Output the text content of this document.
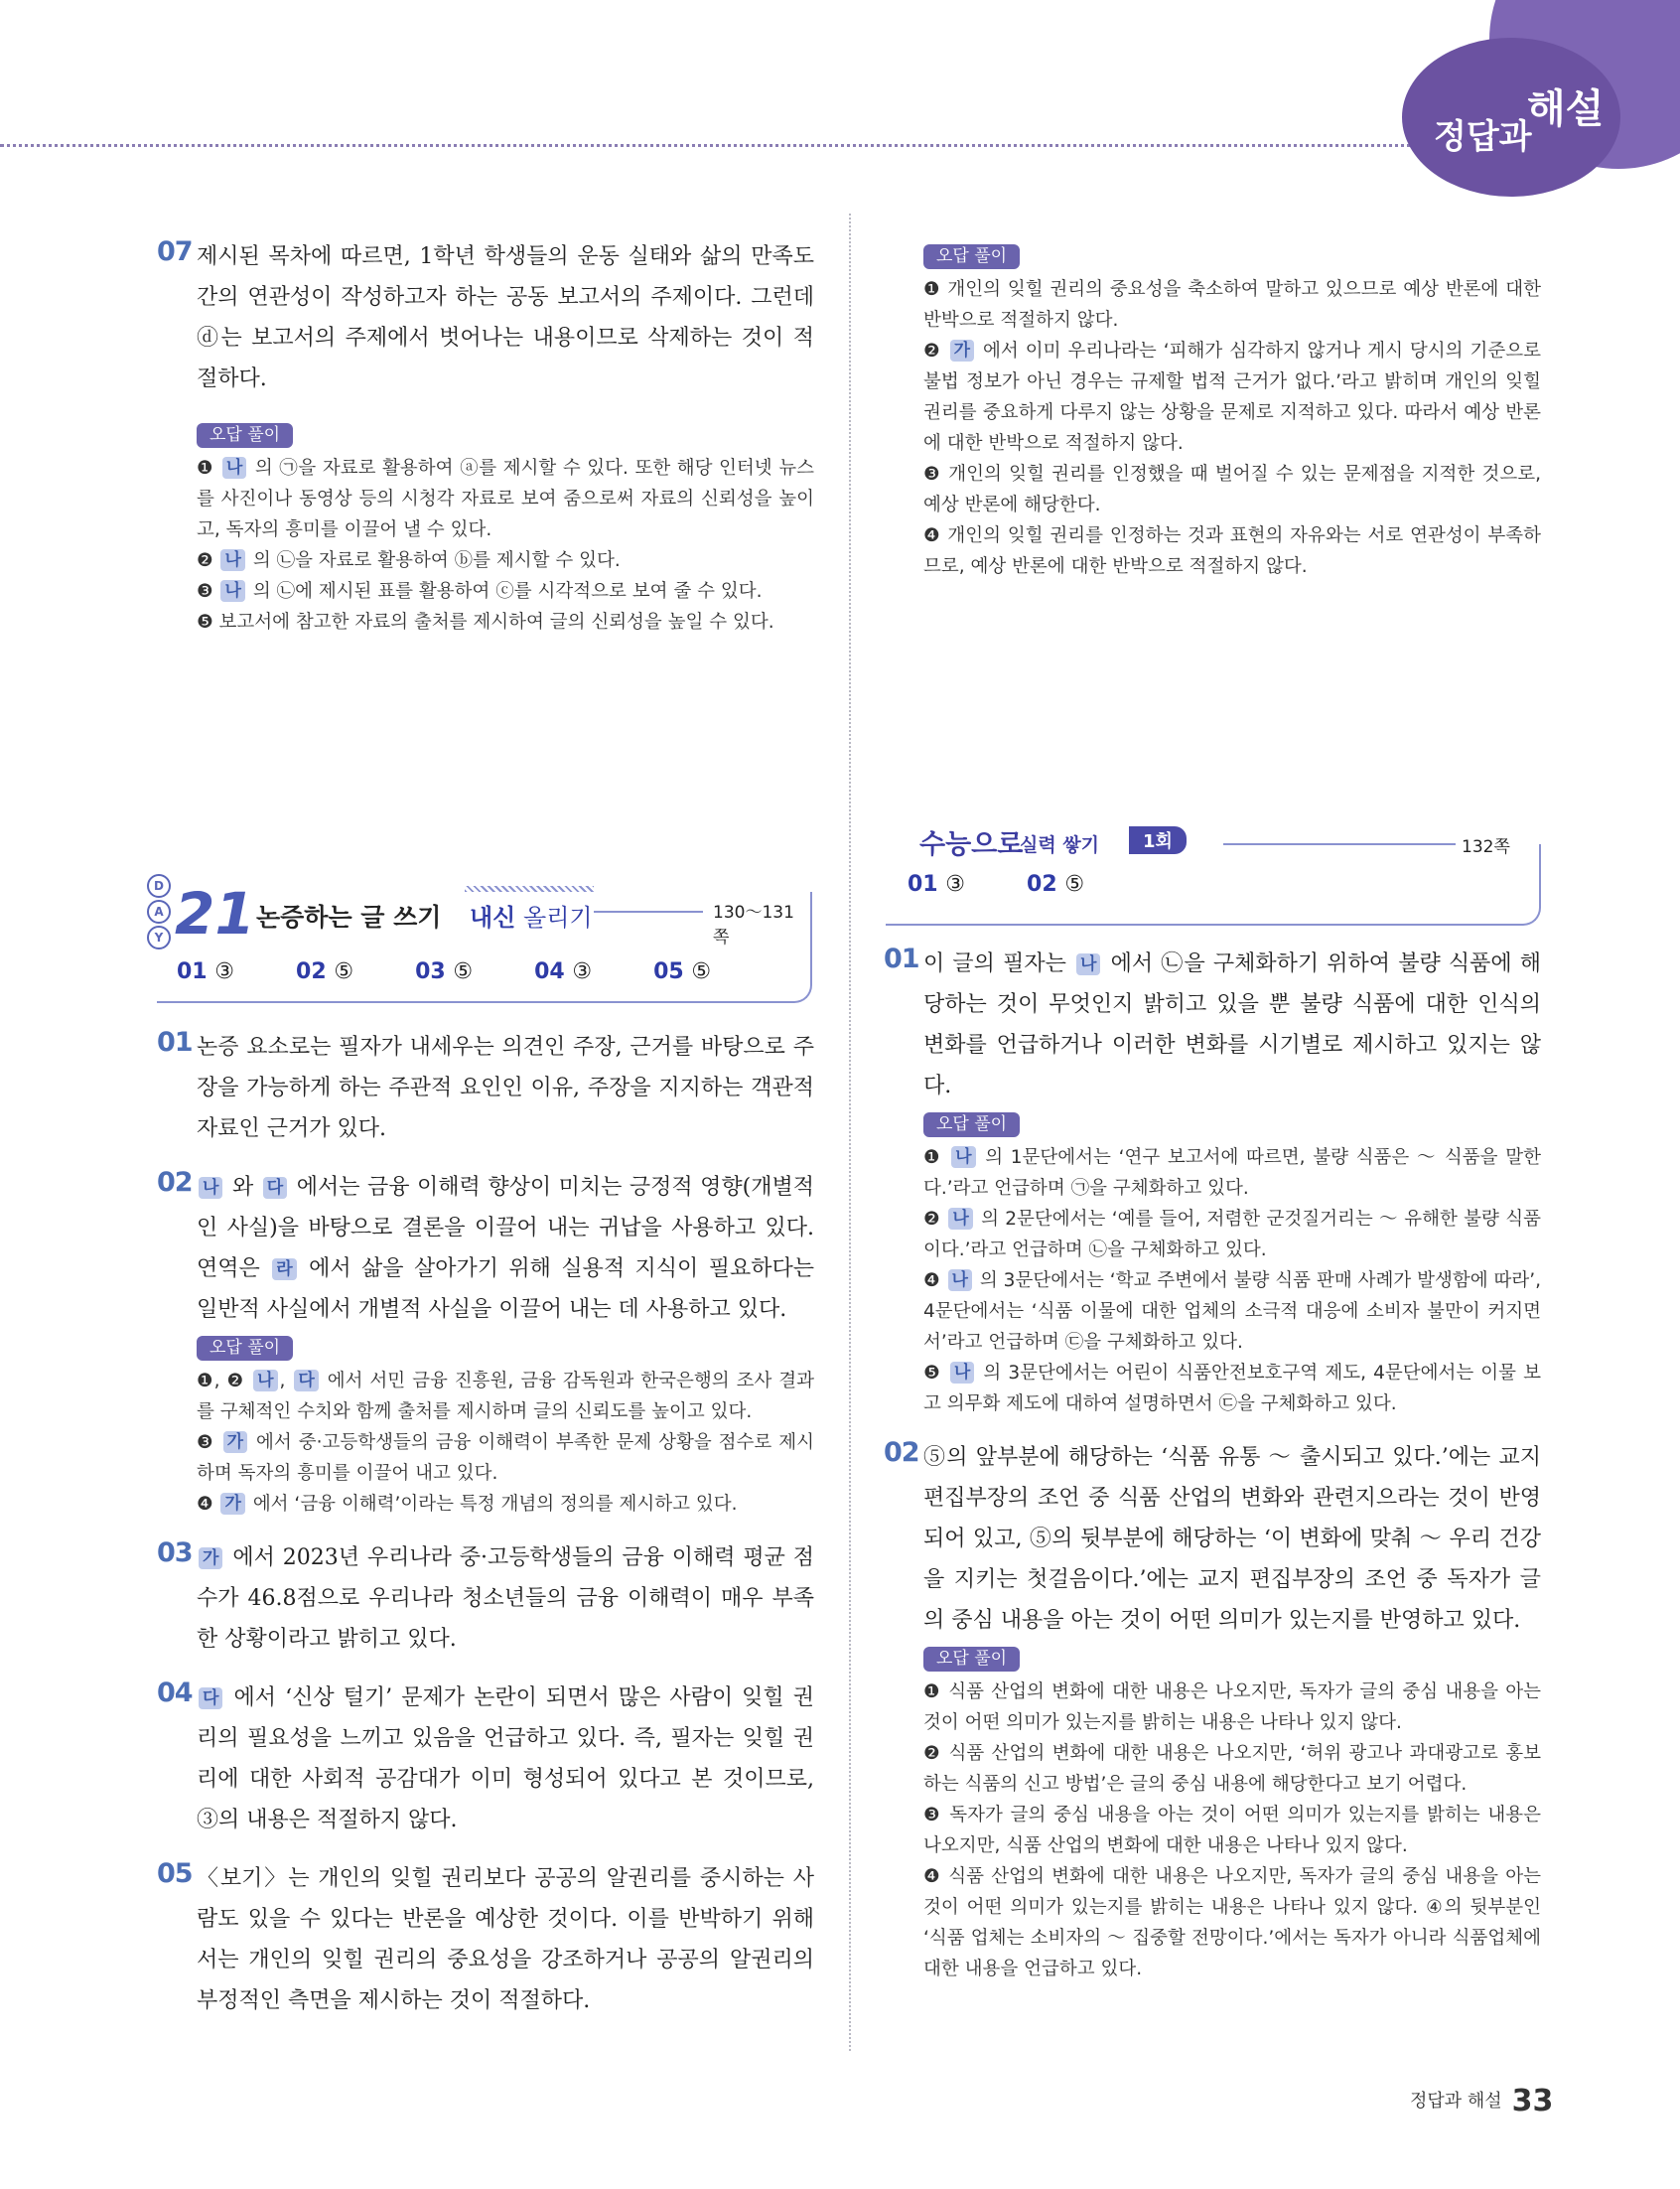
정답과
해설
07 제시된 목차에 따르면, 1학년 학생들의 운동 실태와 삶의 만족도 간의 연관성이 작성하고자 하는 공동 보고서의 주제이다. 그런데 ⓓ는 보고서의 주제에서 벗어나는 내용이므로 삭제하는 것이 적절하다.

오답 풀이

❶ 나 의 ㉠을 자료로 활용하여 ⓐ를 제시할 수 있다. 또한 해당 인터넷 뉴스를 사진이나 동영상 등의 시청각 자료로 보여 줌으로써 자료의 신뢰성을 높이고, 독자의 흥미를 이끌어 낼 수 있다.

❷ 나 의 ㉡을 자료로 활용하여 ⓑ를 제시할 수 있다.

❸ 나 의 ㉡에 제시된 표를 활용하여 ⓒ를 시각적으로 보여 줄 수 있다.

❺ 보고서에 참고한 자료의 출처를 제시하여 글의 신뢰성을 높일 수 있다.

오답 풀이

❶ 개인의 잊힐 권리의 중요성을 축소하여 말하고 있으므로 예상 반론에 대한 반박으로 적절하지 않다.

❷ 가 에서 이미 우리나라는 ‘피해가 심각하지 않거나 게시 당시의 기준으로 불법 정보가 아닌 경우는 규제할 법적 근거가 없다.’라고 밝히며 개인의 잊힐 권리를 중요하게 다루지 않는 상황을 문제로 지적하고 있다. 따라서 예상 반론에 대한 반박으로 적절하지 않다.

❸ 개인의 잊힐 권리를 인정했을 때 벌어질 수 있는 문제점을 지적한 것으로, 예상 반론에 해당한다.

❹ 개인의 잊힐 권리를 인정하는 것과 표현의 자유와는 서로 연관성이 부족하므로, 예상 반론에 대한 반박으로 적절하지 않다.

D
A
Y 21 논증하는 글 쓰기 내신 올리기	130～131쪽
01 ③	02 ⑤	03 ⑤	04 ③	05 ⑤
01 논증 요소로는 필자가 내세우는 의견인 주장, 근거를 바탕으로 주장을 가능하게 하는 주관적 요인인 이유, 주장을 지지하는 객관적 자료인 근거가 있다.

02 나 와 다 에서는 금융 이해력 향상이 미치는 긍정적 영향(개별적인 사실)을 바탕으로 결론을 이끌어 내는 귀납을 사용하고 있다. 연역은 라 에서 삶을 살아가기 위해 실용적 지식이 필요하다는 일반적 사실에서 개별적 사실을 이끌어 내는 데 사용하고 있다.

오답 풀이

❶, ❷ 나 , 다 에서 서민 금융 진흥원, 금융 감독원과 한국은행의 조사 결과를 구체적인 수치와 함께 출처를 제시하며 글의 신뢰도를 높이고 있다.

❸ 가 에서 중·고등학생들의 금융 이해력이 부족한 문제 상황을 점수로 제시하며 독자의 흥미를 이끌어 내고 있다.

❹ 가 에서 ‘금융 이해력’이라는 특정 개념의 정의를 제시하고 있다.

03 가 에서 2023년 우리나라 중·고등학생들의 금융 이해력 평균 점수가 46.8점으로 우리나라 청소년들의 금융 이해력이 매우 부족한 상황이라고 밝히고 있다.

04 다 에서 ‘신상 털기’ 문제가 논란이 되면서 많은 사람이 잊힐 권리의 필요성을 느끼고 있음을 언급하고 있다. 즉, 필자는 잊힐 권리에 대한 사회적 공감대가 이미 형성되어 있다고 본 것이므로, ③의 내용은 적절하지 않다.

05 〈보기〉는 개인의 잊힐 권리보다 공공의 알권리를 중시하는 사람도 있을 수 있다는 반론을 예상한 것이다. 이를 반박하기 위해서는 개인의 잊힐 권리의 중요성을 강조하거나 공공의 알권리의 부정적인 측면을 제시하는 것이 적절하다.

수능으로
실력 쌓기	1회	132쪽
01 ③	02 ⑤
01 이 글의 필자는 나 에서 ㉡을 구체화하기 위하여 불량 식품에 해당하는 것이 무엇인지 밝히고 있을 뿐 불량 식품에 대한 인식의 변화를 언급하거나 이러한 변화를 시기별로 제시하고 있지는 않다.

오답 풀이

❶ 나 의 1문단에서는 ‘연구 보고서에 따르면, 불량 식품은 ～ 식품을 말한다.’라고 언급하며 ㉠을 구체화하고 있다.

❷ 나 의 2문단에서는 ‘예를 들어, 저렴한 군것질거리는 ～ 유해한 불량 식품이다.’라고 언급하며 ㉡을 구체화하고 있다.

❹ 나 의 3문단에서는 ‘학교 주변에서 불량 식품 판매 사례가 발생함에 따라’, 4문단에서는 ‘식품 이물에 대한 업체의 소극적 대응에 소비자 불만이 커지면서’라고 언급하며 ㉢을 구체화하고 있다.

❺ 나 의 3문단에서는 어린이 식품안전보호구역 제도, 4문단에서는 이물 보고 의무화 제도에 대하여 설명하면서 ㉢을 구체화하고 있다.

02 ⑤의 앞부분에 해당하는 ‘식품 유통 ～ 출시되고 있다.’에는 교지 편집부장의 조언 중 식품 산업의 변화와 관련지으라는 것이 반영되어 있고, ⑤의 뒷부분에 해당하는 ‘이 변화에 맞춰 ～ 우리 건강을 지키는 첫걸음이다.’에는 교지 편집부장의 조언 중 독자가 글의 중심 내용을 아는 것이 어떤 의미가 있는지를 반영하고 있다.

오답 풀이

❶ 식품 산업의 변화에 대한 내용은 나오지만, 독자가 글의 중심 내용을 아는 것이 어떤 의미가 있는지를 밝히는 내용은 나타나 있지 않다.

❷ 식품 산업의 변화에 대한 내용은 나오지만, ‘허위 광고나 과대광고로 홍보하는 식품의 신고 방법’은 글의 중심 내용에 해당한다고 보기 어렵다.

❸ 독자가 글의 중심 내용을 아는 것이 어떤 의미가 있는지를 밝히는 내용은 나오지만, 식품 산업의 변화에 대한 내용은 나타나 있지 않다.

❹ 식품 산업의 변화에 대한 내용은 나오지만, 독자가 글의 중심 내용을 아는 것이 어떤 의미가 있는지를 밝히는 내용은 나타나 있지 않다. ④의 뒷부분인 ‘식품 업체는 소비자의 ～ 집중할 전망이다.’에서는 독자가 아니라 식품업체에 대한 내용을 언급하고 있다.

정답과 해설 33
